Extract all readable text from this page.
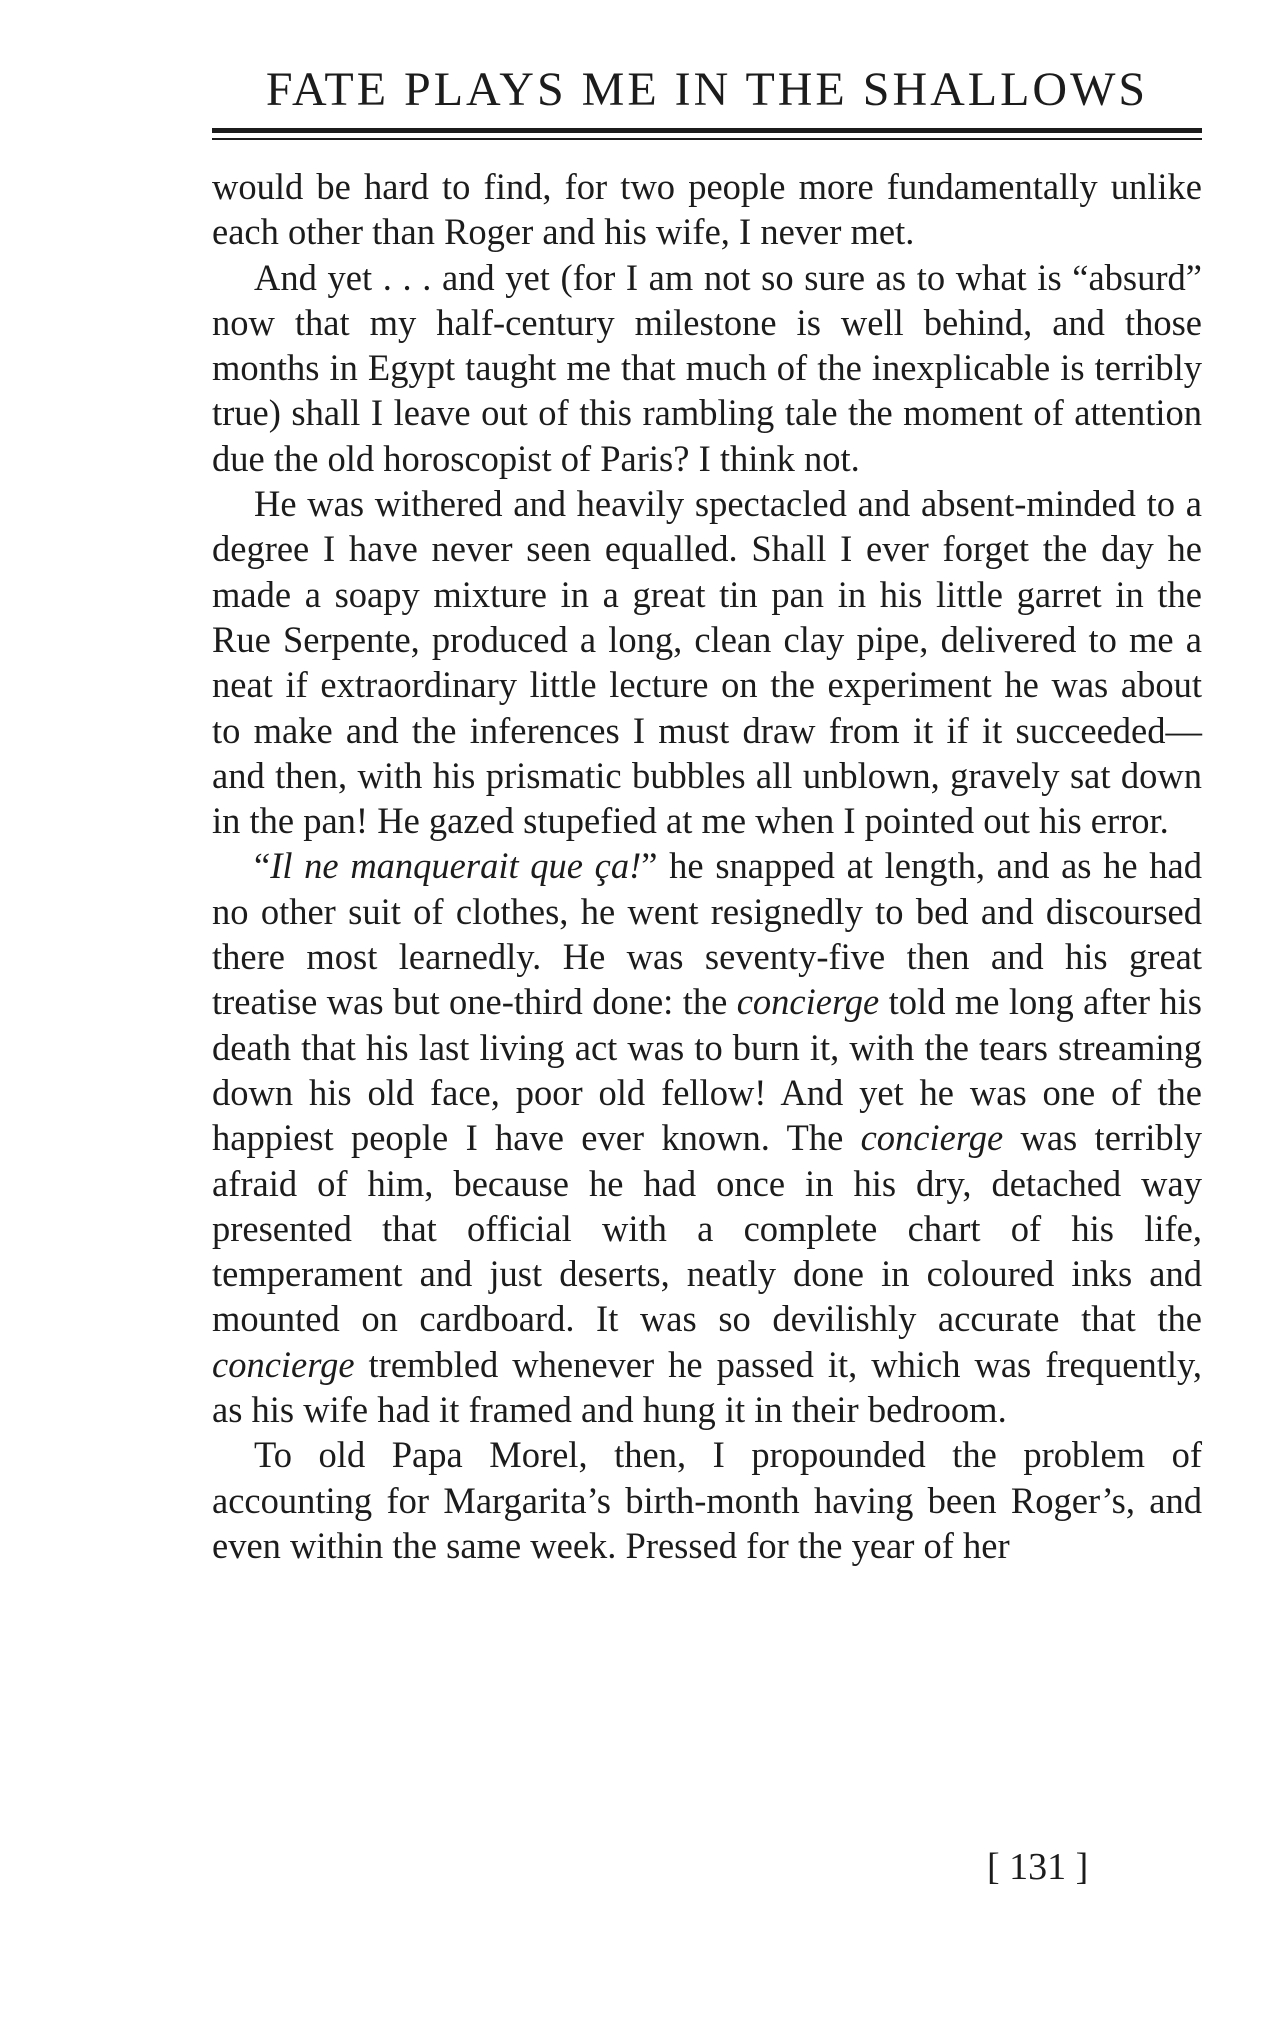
FATE PLAYS ME IN THE SHALLOWS

would be hard to find, for two people more fundamentally unlike each other than Roger and his wife, I never met.

And yet . . . and yet (for I am not so sure as to what is “absurd” now that my half-century milestone is well behind, and those months in Egypt taught me that much of the inexplicable is terribly true) shall I leave out of this rambling tale the moment of attention due the old horoscopist of Paris? I think not.

He was withered and heavily spectacled and absent-minded to a degree I have never seen equalled. Shall I ever forget the day he made a soapy mixture in a great tin pan in his little garret in the Rue Serpente, produced a long, clean clay pipe, delivered to me a neat if extraordinary little lecture on the experiment he was about to make and the inferences I must draw from it if it succeeded—and then, with his prismatic bubbles all unblown, gravely sat down in the pan! He gazed stupefied at me when I pointed out his error.

“Il ne manquerait que ça!” he snapped at length, and as he had no other suit of clothes, he went resignedly to bed and discoursed there most learnedly. He was seventy-five then and his great treatise was but one-third done: the concierge told me long after his death that his last living act was to burn it, with the tears streaming down his old face, poor old fellow! And yet he was one of the happiest people I have ever known. The concierge was terribly afraid of him, because he had once in his dry, detached way presented that official with a complete chart of his life, temperament and just deserts, neatly done in coloured inks and mounted on cardboard. It was so devilishly accurate that the concierge trembled whenever he passed it, which was frequently, as his wife had it framed and hung it in their bedroom.

To old Papa Morel, then, I propounded the problem of accounting for Margarita’s birth-month having been Roger’s, and even within the same week. Pressed for the year of her

[ 131 ]
